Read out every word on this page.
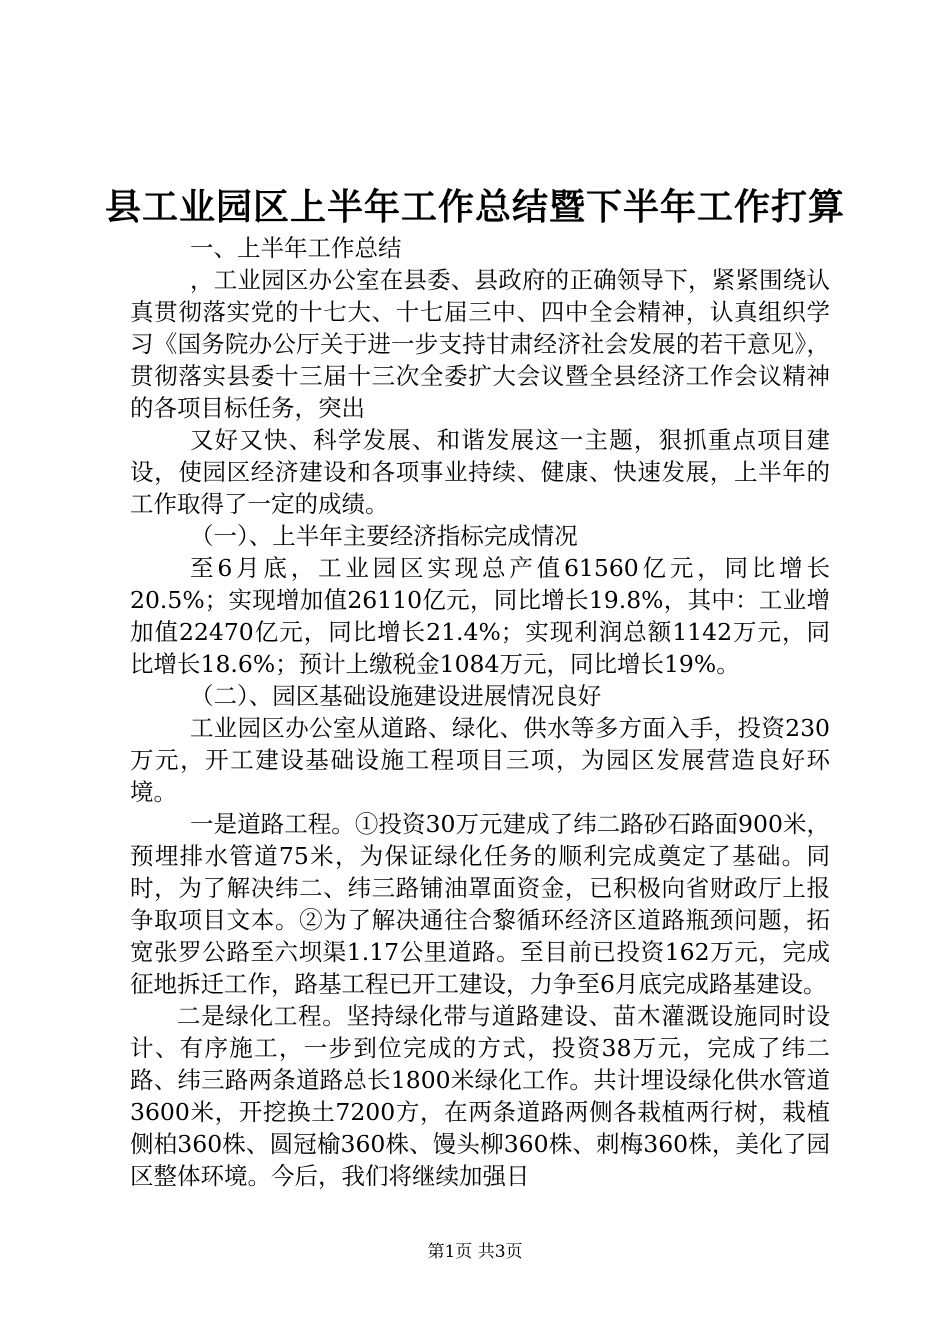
县工业园区上半年工作总结暨下半年工作打算

一、上半年工作总结

，工业园区办公室在县委、县政府的正确领导下，紧紧围绕认真贯彻落实党的十七大、十七届三中、四中全会精神，认真组织学习《国务院办公厅关于进一步支持甘肃经济社会发展的若干意见》，贯彻落实县委十三届十三次全委扩大会议暨全县经济工作会议精神的各项目标任务，突出

又好又快、科学发展、和谐发展这一主题，狠抓重点项目建设，使园区经济建设和各项事业持续、健康、快速发展，上半年的工作取得了一定的成绩。

（一）、上半年主要经济指标完成情况

至6月底，工业园区实现总产值61560亿元，同比增长20.5%；实现增加值26110亿元，同比增长19.8%，其中：工业增加值22470亿元，同比增长21.4%；实现利润总额1142万元，同比增长18.6%；预计上缴税金1084万元，同比增长19%。

（二）、园区基础设施建设进展情况良好

工业园区办公室从道路、绿化、供水等多方面入手，投资230万元，开工建设基础设施工程项目三项，为园区发展营造良好环境。

一是道路工程。①投资30万元建成了纬二路砂石路面900米，预埋排水管道75米，为保证绿化任务的顺利完成奠定了基础。同时，为了解决纬二、纬三路铺油罩面资金，已积极向省财政厅上报争取项目文本。②为了解决通往合黎循环经济区道路瓶颈问题，拓宽张罗公路至六坝渠1.17公里道路。至目前已投资162万元，完成征地拆迁工作，路基工程已开工建设，力争至6月底完成路基建设。

二是绿化工程。坚持绿化带与道路建设、苗木灌溉设施同时设计、有序施工，一步到位完成的方式，投资38万元，完成了纬二路、纬三路两条道路总长1800米绿化工作。共计埋设绿化供水管道3600米，开挖换土7200方，在两条道路两侧各栽植两行树，栽植侧柏360株、圆冠榆360株、馒头柳360株、刺梅360株，美化了园区整体环境。今后，我们将继续加强日

第1页 共3页
